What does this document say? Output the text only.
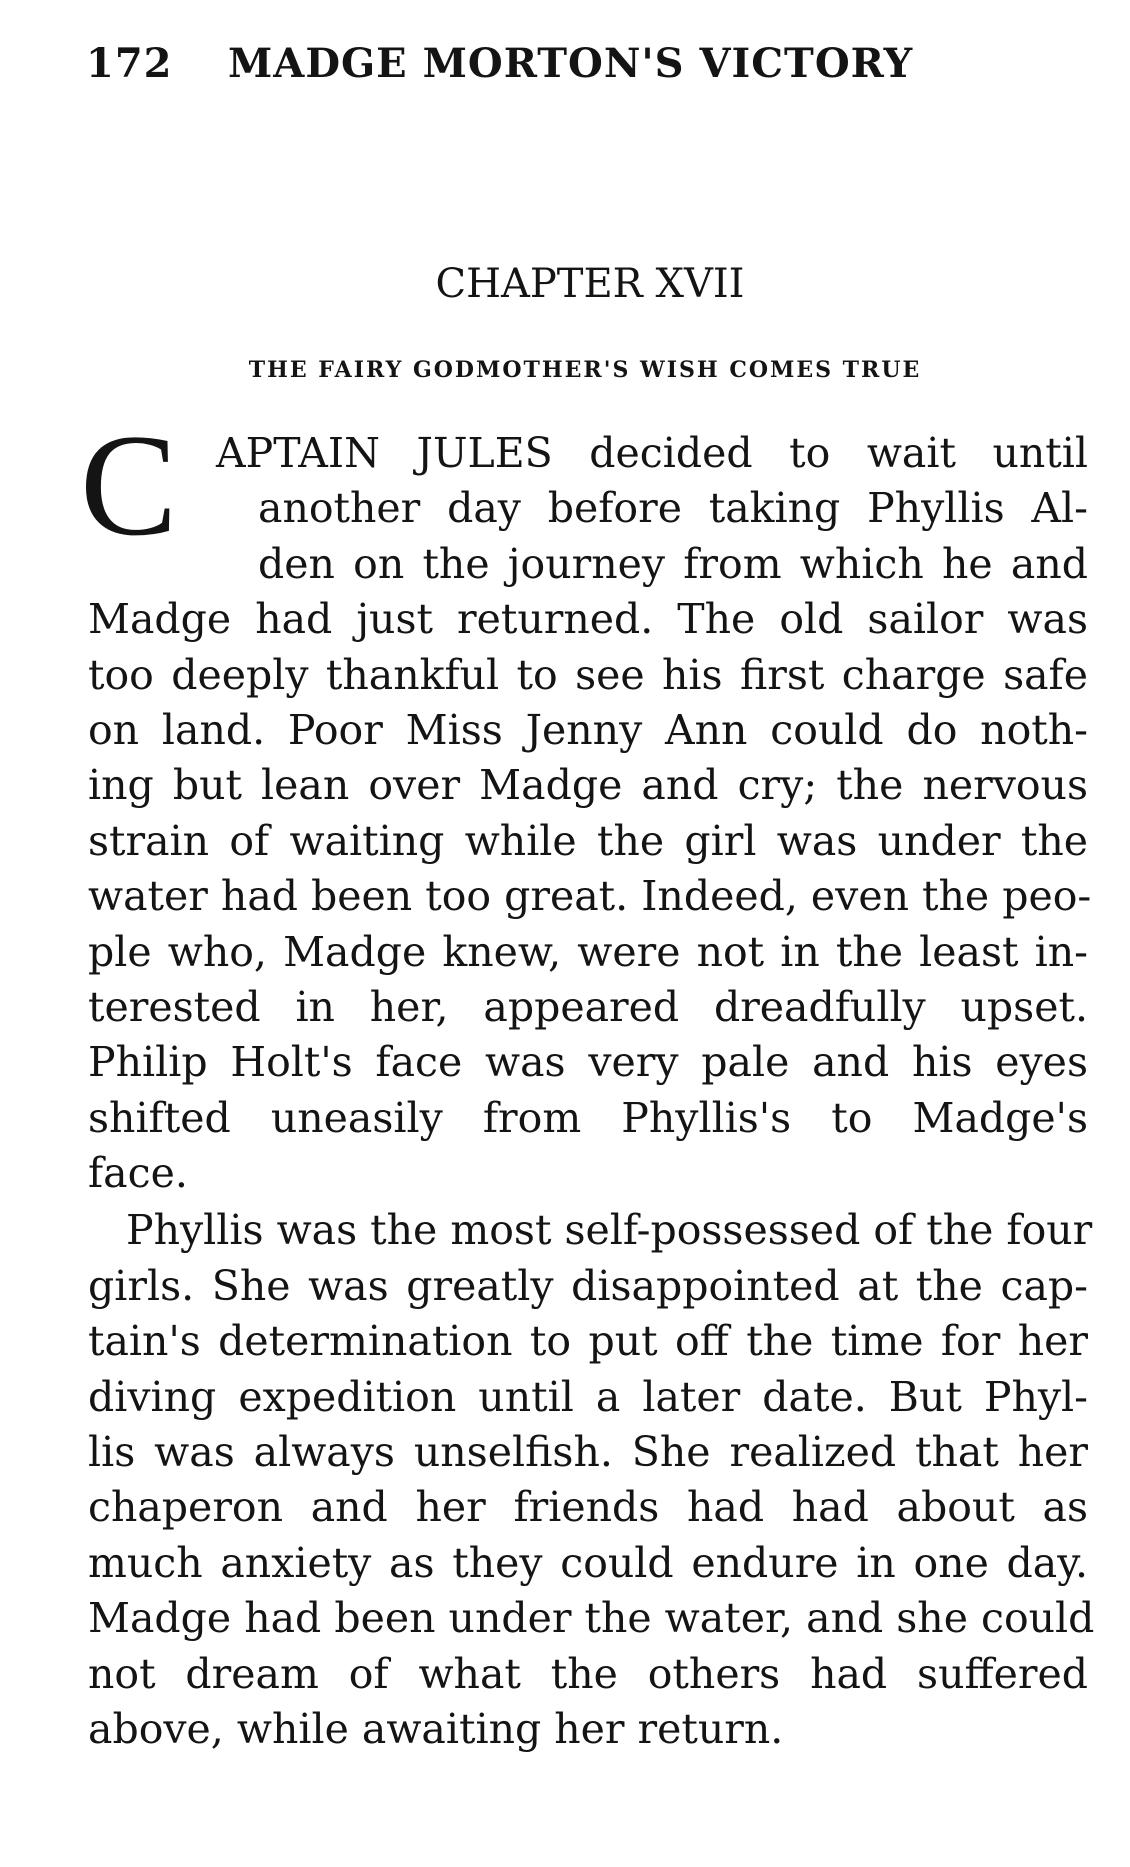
172 MADGE MORTON'S VICTORY
CHAPTER XVII
THE FAIRY GODMOTHER'S WISH COMES TRUE
C APTAIN JULES decided to wait until
another day before taking Phyllis Al-
den on the journey from which he and
Madge had just returned. The old sailor was
too deeply thankful to see his first charge safe
on land. Poor Miss Jenny Ann could do noth-
ing but lean over Madge and cry; the nervous
strain of waiting while the girl was under the
water had been too great. Indeed, even the peo-
ple who, Madge knew, were not in the least in-
terested in her, appeared dreadfully upset.
Philip Holt's face was very pale and his eyes
shifted uneasily from Phyllis's to Madge's
face.
Phyllis was the most self-possessed of the four
girls. She was greatly disappointed at the cap-
tain's determination to put off the time for her
diving expedition until a later date. But Phyl-
lis was always unselfish. She realized that her
chaperon and her friends had had about as
much anxiety as they could endure in one day.
Madge had been under the water, and she could
not dream of what the others had suffered
above, while awaiting her return.
